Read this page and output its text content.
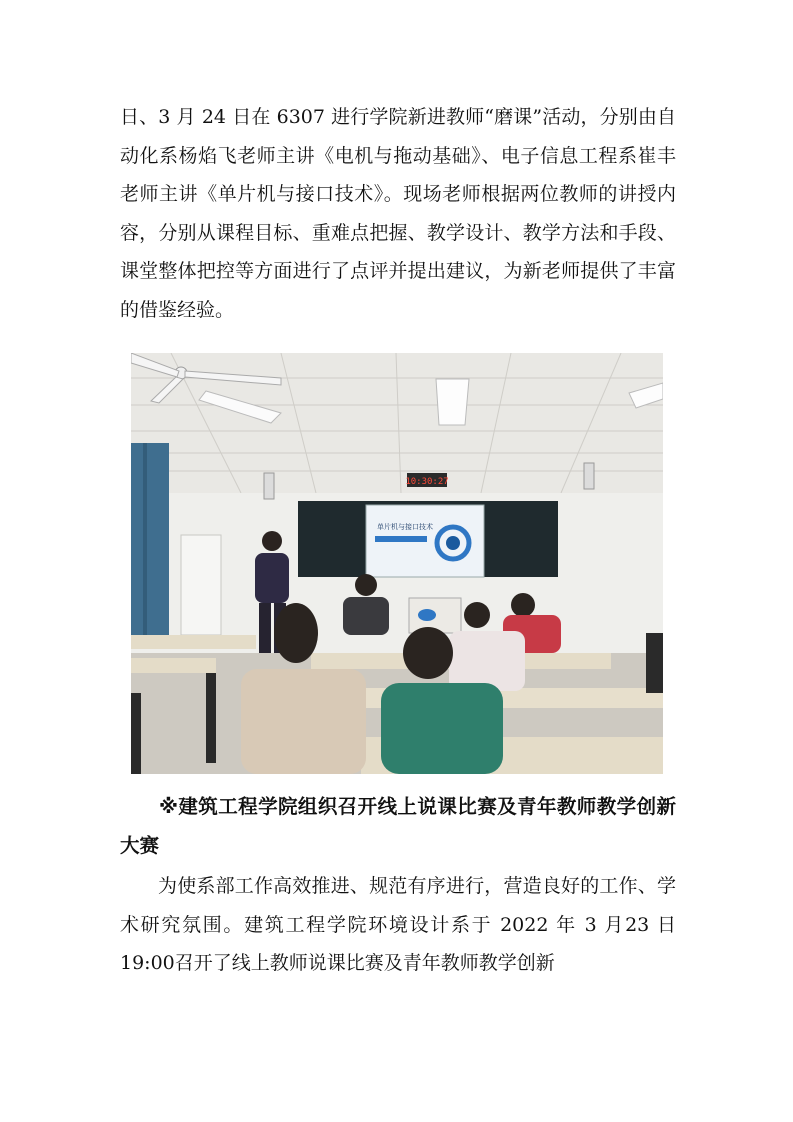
日、3 月 24 日在 6307 进行学院新进教师“磨课”活动，分别由自动化系杨焰飞老师主讲《电机与拖动基础》、电子信息工程系崔丰老师主讲《单片机与接口技术》。现场老师根据两位教师的讲授内容，分别从课程目标、重难点把握、教学设计、教学方法和手段、课堂整体把控等方面进行了点评并提出建议，为新老师提供了丰富的借鉴经验。

10:30:27
单片机与接口技术

※建筑工程学院组织召开线上说课比赛及青年教师教学创新大赛

为使系部工作高效推进、规范有序进行，营造良好的工作、学术研究氛围。建筑工程学院环境设计系于 2022 年 3 月23 日19:00召开了线上教师说课比赛及青年教师教学创新
